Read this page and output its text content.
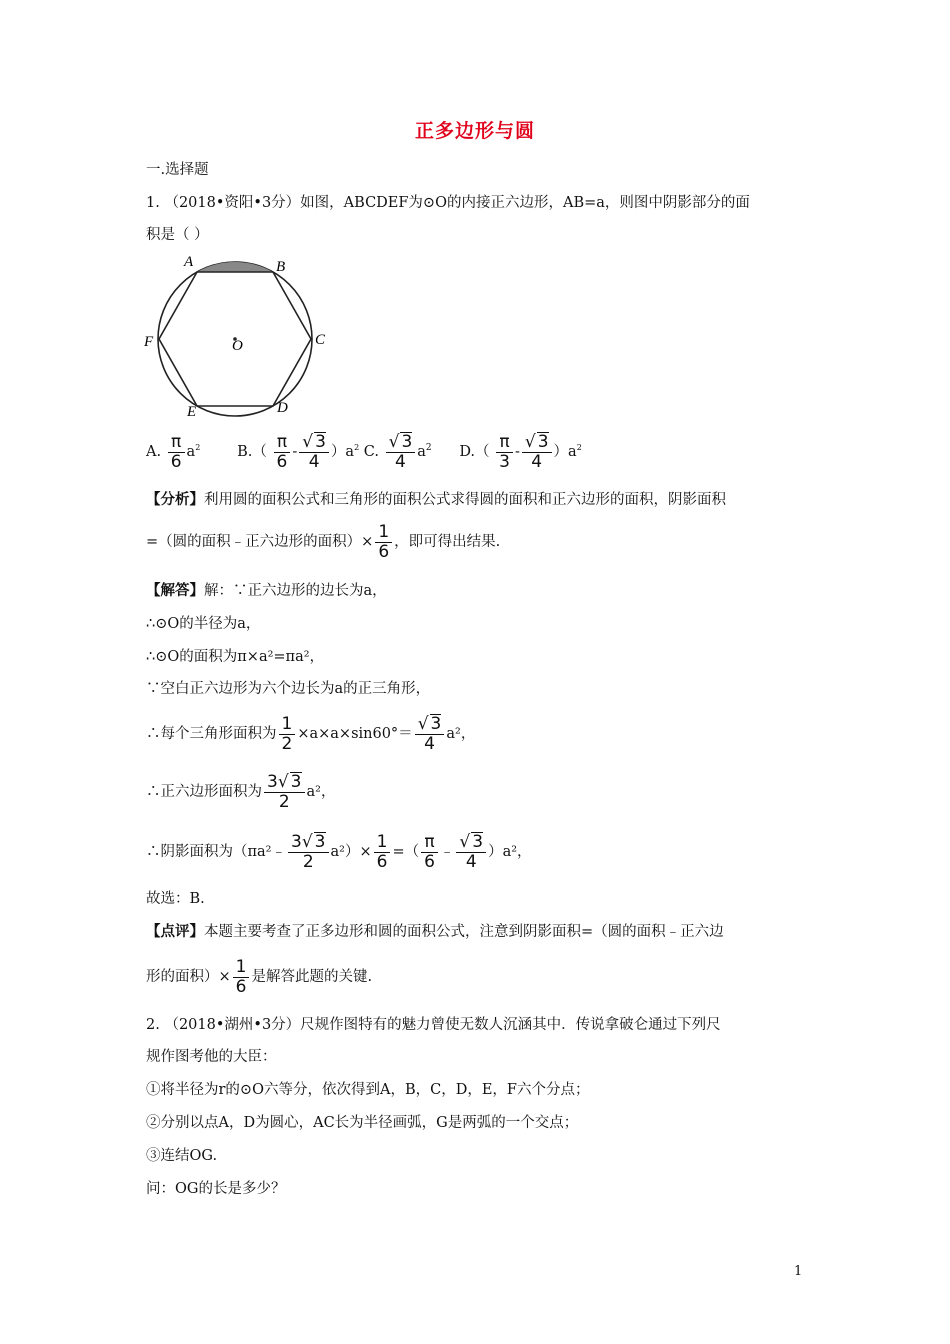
正多边形与圆
一.选择题
1. （2018•资阳•3分）如图，ABCDEF为⊙O的内接正六边形，AB=a，则图中阴影部分的面
积是（ ）
A	B
C
D
E
F	O
A. $\frac{\pi}{6} a^2$	$B.( \frac{\pi}{6} - \frac{√ 3}{4} )a^2$ C. $\frac{√ 3}{4} a^2$ $D.( \frac{\pi}{3} - \frac{√ 3}{4} )a^2$
【分析】利用圆的面积公式和三角形的面积公式求得圆的面积和正六边形的面积，阴影面积
=（圆的面积﹣正六边形的面积）× $\frac{1}{6}$ ，即可得出结果.
【解答】解：∵正六边形的边长为a，
∴⊙O的半径为a，
∴⊙O的面积为π×a²=πa²，
∵空白正六边形为六个边长为a的正三角形，
∴每个三角形面积为 $\frac{1}{2} \times a\times a\times\sin 60^\circ= \frac{√ 3}{4} a^2$，
∴正六边形面积为 $\frac{3√ 3}{2} a^2$，
∴阴影面积为（πa²﹣ $\frac{3√ 3}{2} a^2)\times \frac{1}{6}$ =（ $\frac{\pi}{6}$ ﹣ $\frac{√ 3}{4} )a^2$，
故选：B.
【点评】本题主要考查了正多边形和圆的面积公式，注意到阴影面积=（圆的面积﹣正六边
形的面积）× $\frac{1}{6}$ 是解答此题的关键.
2. （2018•湖州•3分）尺规作图特有的魅力曾使无数人沉涵其中．传说拿破仑通过下列尺
规作图考他的大臣：
①将半径为r的⊙O六等分，依次得到A，B，C，D，E，F六个分点；
②分别以点A，D为圆心，AC长为半径画弧，G是两弧的一个交点；
③连结OG.
问：OG的长是多少？
1
